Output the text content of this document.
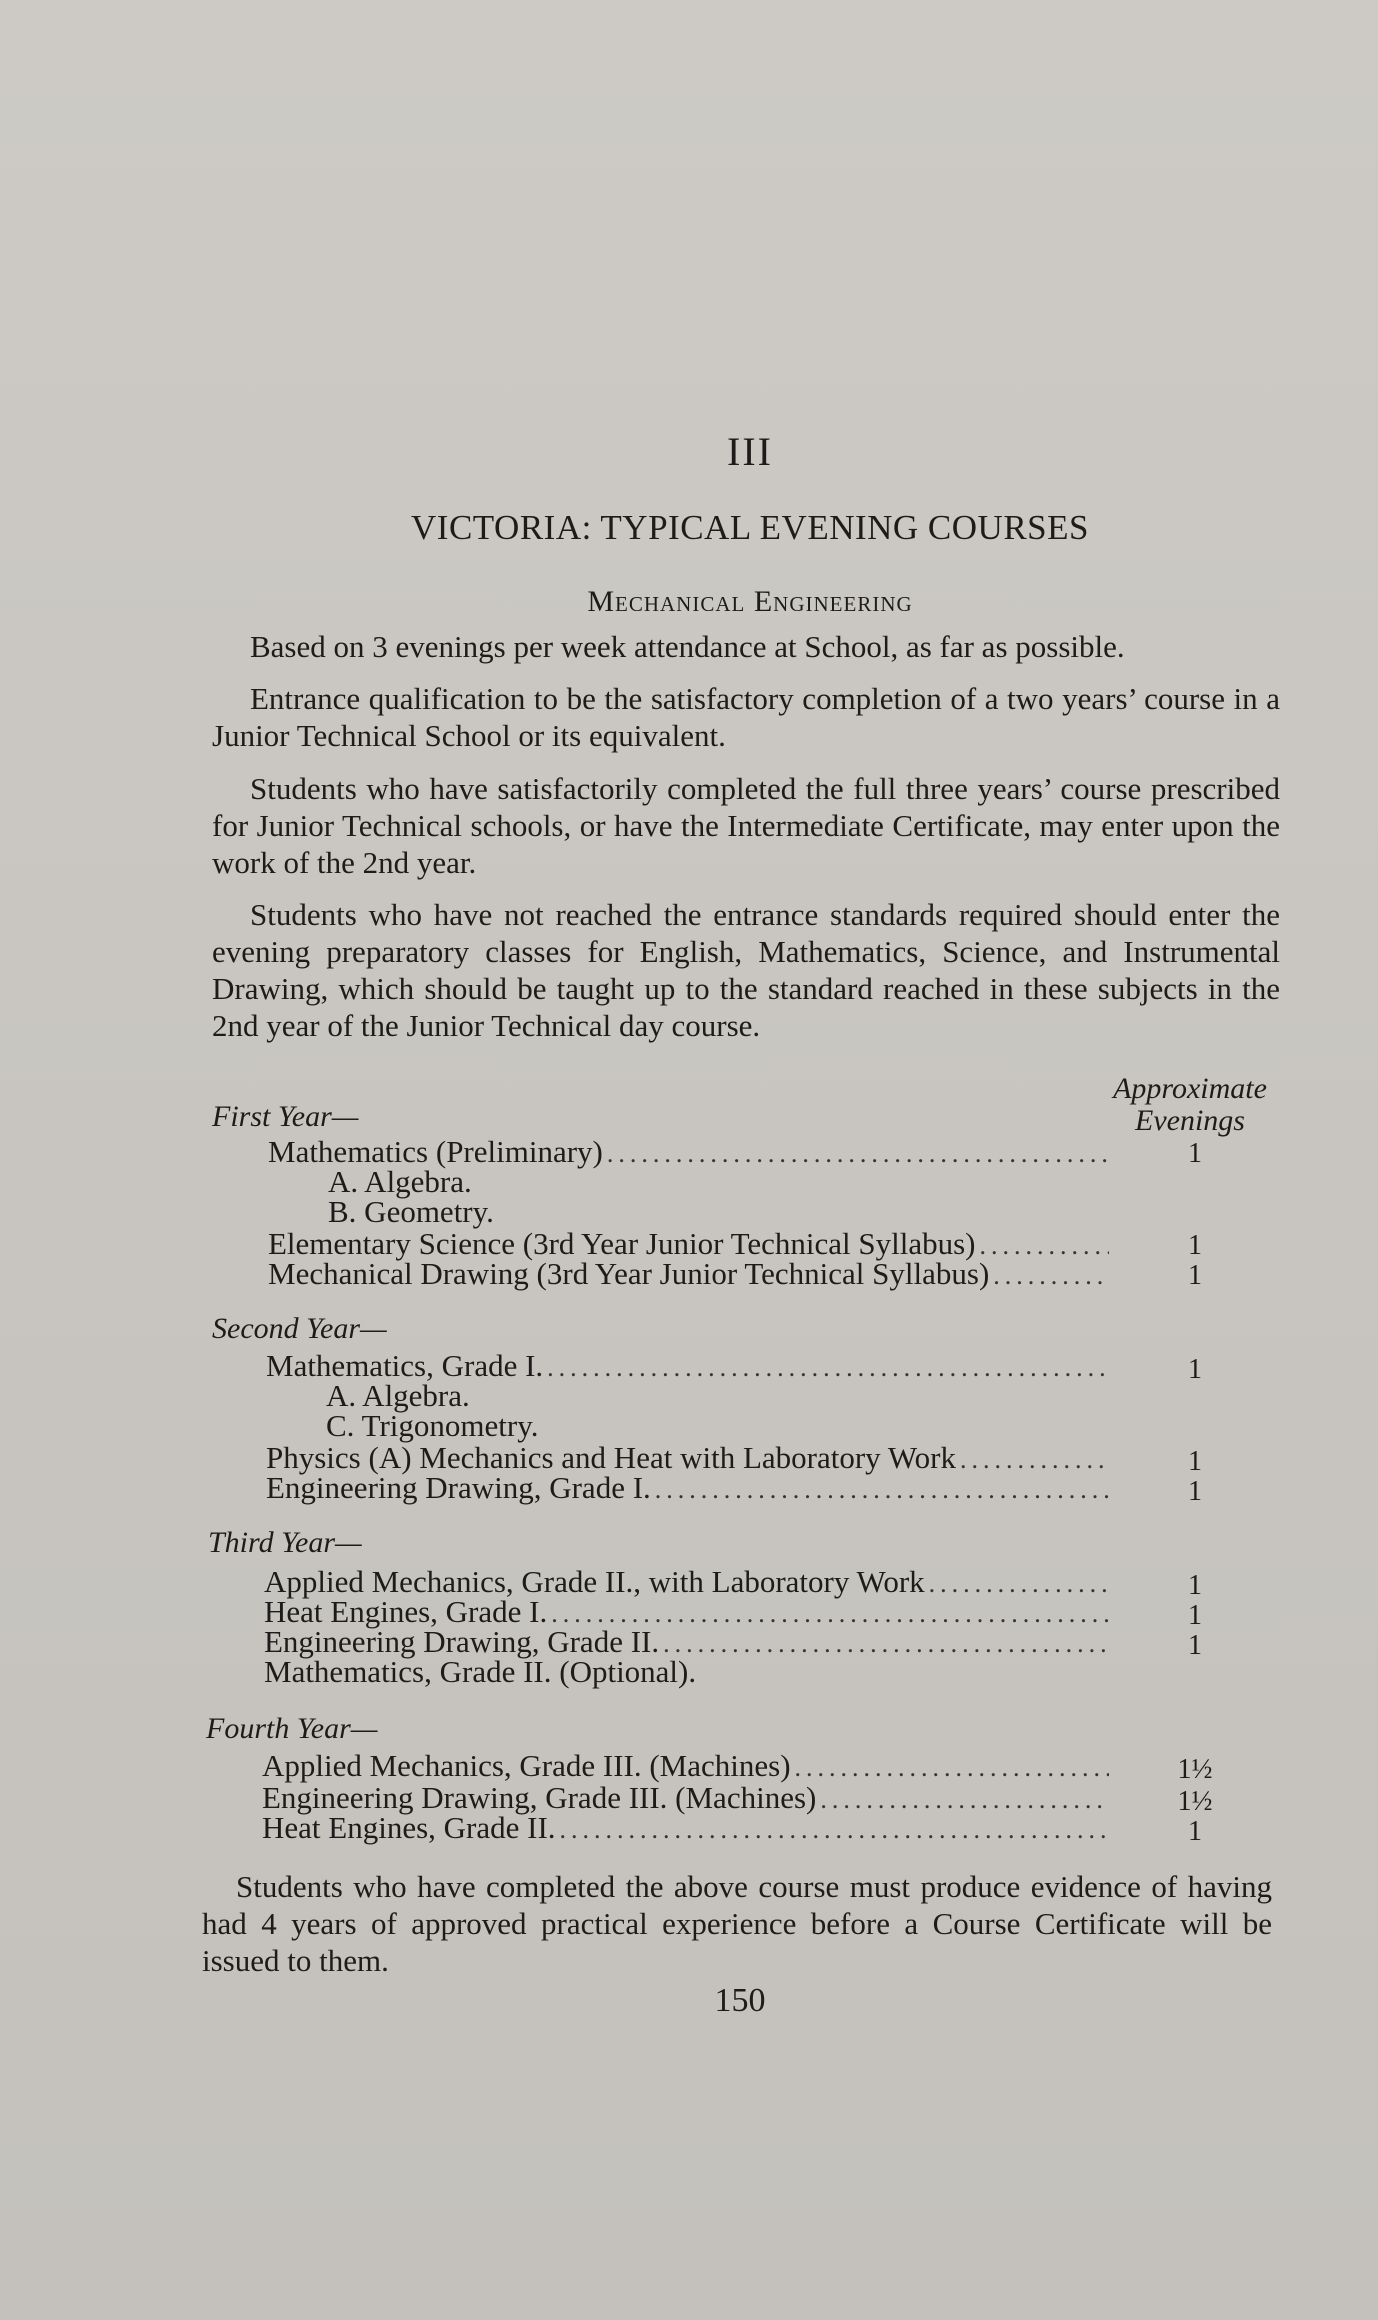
III
VICTORIA: TYPICAL EVENING COURSES
Mechanical Engineering

Based on 3 evenings per week attendance at School, as far as possible.

Entrance qualification to be the satisfactory completion of a two years’ course in a Junior Technical School or its equivalent.

Students who have satisfactorily completed the full three years’ course prescribed for Junior Technical schools, or have the Intermediate Certificate, may enter upon the work of the 2nd year.

Students who have not reached the entrance standards required should enter the evening preparatory classes for English, Mathematics, Science, and Instrumental Drawing, which should be taught up to the standard reached in these subjects in the 2nd year of the Junior Technical day course.

Approximate
Evenings
First Year—
Mathematics (Preliminary) .....	1
A. Algebra.
B. Geometry.
Elementary Science (3rd Year Junior Technical Syllabus) .....	1
Mechanical Drawing (3rd Year Junior Technical Syllabus) .....	1
Second Year—
Mathematics, Grade I. .....	1
A. Algebra.
C. Trigonometry.
Physics (A) Mechanics and Heat with Laboratory Work .....	1
Engineering Drawing, Grade I. .....	1
Third Year—
Applied Mechanics, Grade II., with Laboratory Work .....	1
Heat Engines, Grade I. .....	1
Engineering Drawing, Grade II. .....	1
Mathematics, Grade II. (Optional).
Fourth Year—
Applied Mechanics, Grade III. (Machines) .....	1½
Engineering Drawing, Grade III. (Machines) .....	1½
Heat Engines, Grade II. .....	1

Students who have completed the above course must produce evidence of having had 4 years of approved practical experience before a Course Certificate will be issued to them.

150
